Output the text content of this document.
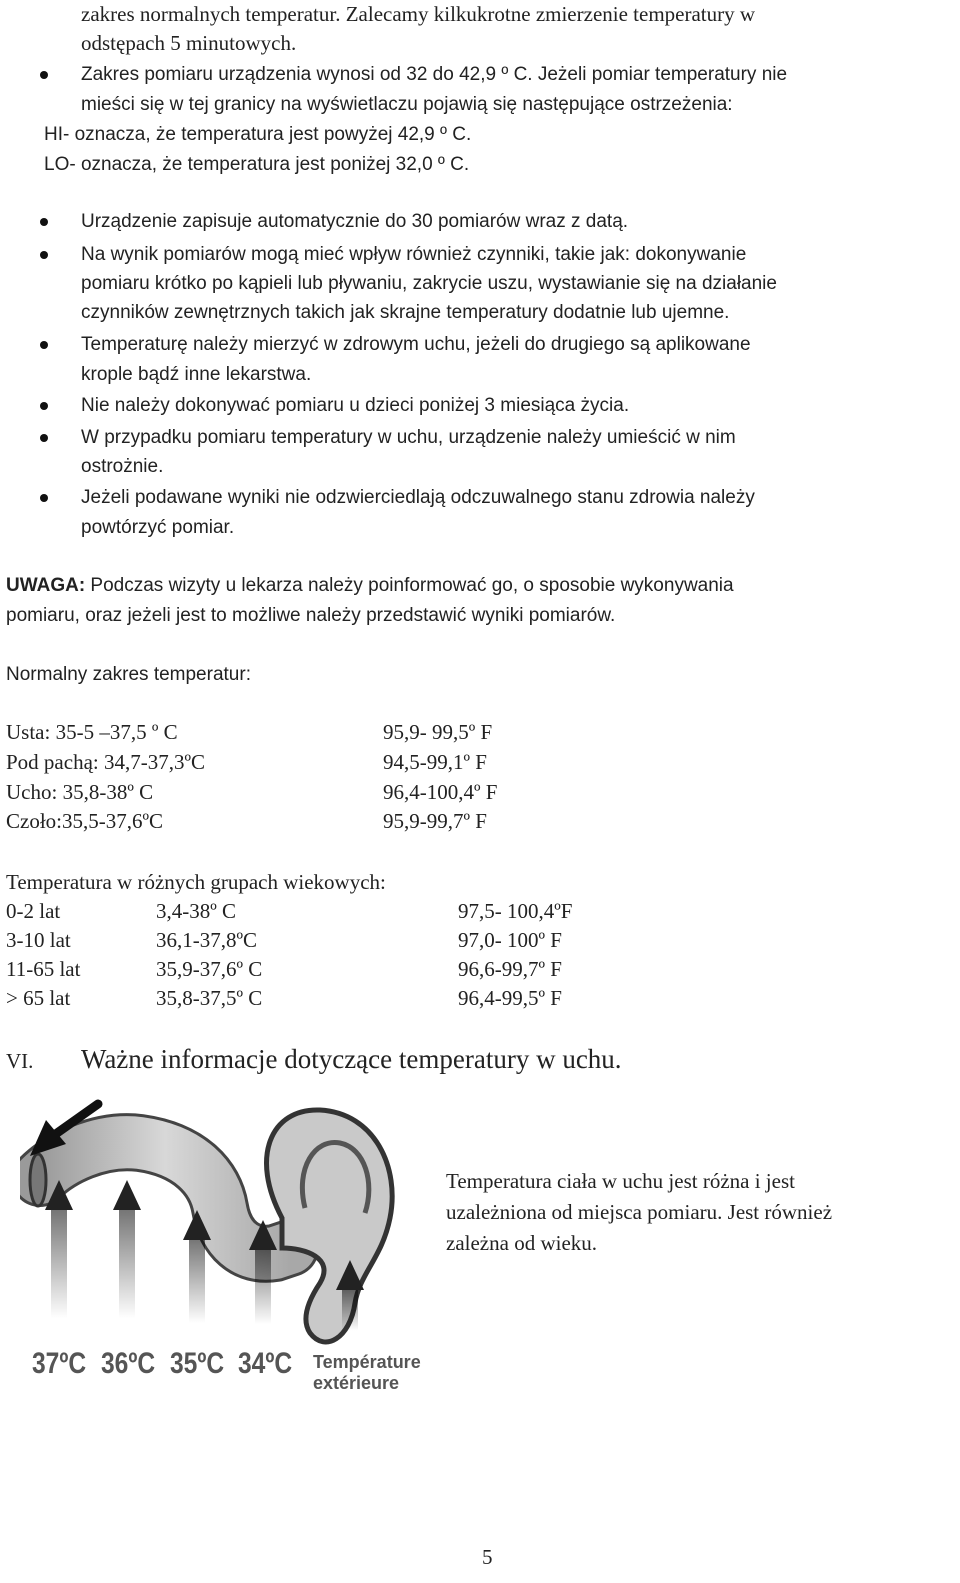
zakres normalnych temperatur. Zalecamy kilkukrotne zmierzenie temperatury w
odstępach 5 minutowych.
Zakres pomiaru urządzenia wynosi od 32 do 42,9 º C. Jeżeli pomiar temperatury nie
mieści się w tej granicy na wyświetlaczu pojawią się następujące ostrzeżenia:
HI- oznacza, że temperatura jest powyżej 42,9 º C.
LO- oznacza, że temperatura jest poniżej 32,0 º C.
Urządzenie zapisuje automatycznie do 30 pomiarów wraz z datą.
Na wynik pomiarów mogą mieć wpływ również czynniki, takie jak: dokonywanie
pomiaru krótko po kąpieli lub pływaniu, zakrycie uszu, wystawianie się na działanie
czynników zewnętrznych takich jak skrajne temperatury dodatnie lub ujemne.
Temperaturę należy mierzyć w zdrowym uchu, jeżeli do drugiego są aplikowane
krople bądź inne lekarstwa.
Nie należy dokonywać pomiaru u dzieci poniżej 3 miesiąca życia.
W przypadku pomiaru temperatury w uchu, urządzenie należy umieścić w nim
ostrożnie.
Jeżeli podawane wyniki nie odzwierciedlają odczuwalnego stanu zdrowia należy
powtórzyć pomiar.
UWAGA: Podczas wizyty u lekarza należy poinformować go, o sposobie wykonywania
pomiaru, oraz jeżeli jest to możliwe należy przedstawić wyniki pomiarów.
Normalny zakres temperatur:
Usta: 35-5 –37,5 º C	95,9- 99,5º F
Pod pachą: 34,7-37,3ºC	94,5-99,1º F
Ucho: 35,8-38º C	96,4-100,4º F
Czoło:35,5-37,6ºC	95,9-99,7º F
Temperatura w różnych grupach wiekowych:
0-2 lat	3,4-38º C	97,5- 100,4ºF
3-10 lat	36,1-37,8ºC	97,0- 100º F
11-65 lat	35,9-37,6º C	96,6-99,7º F
> 65 lat	35,8-37,5º C	96,4-99,5º F
VI. Ważne informacje dotyczące temperatury w uchu.
37ºC 36ºC 35ºC 34ºC Température
extérieure
Temperatura ciała w uchu jest różna i jest
uzależniona od miejsca pomiaru. Jest również
zależna od wieku.
5
